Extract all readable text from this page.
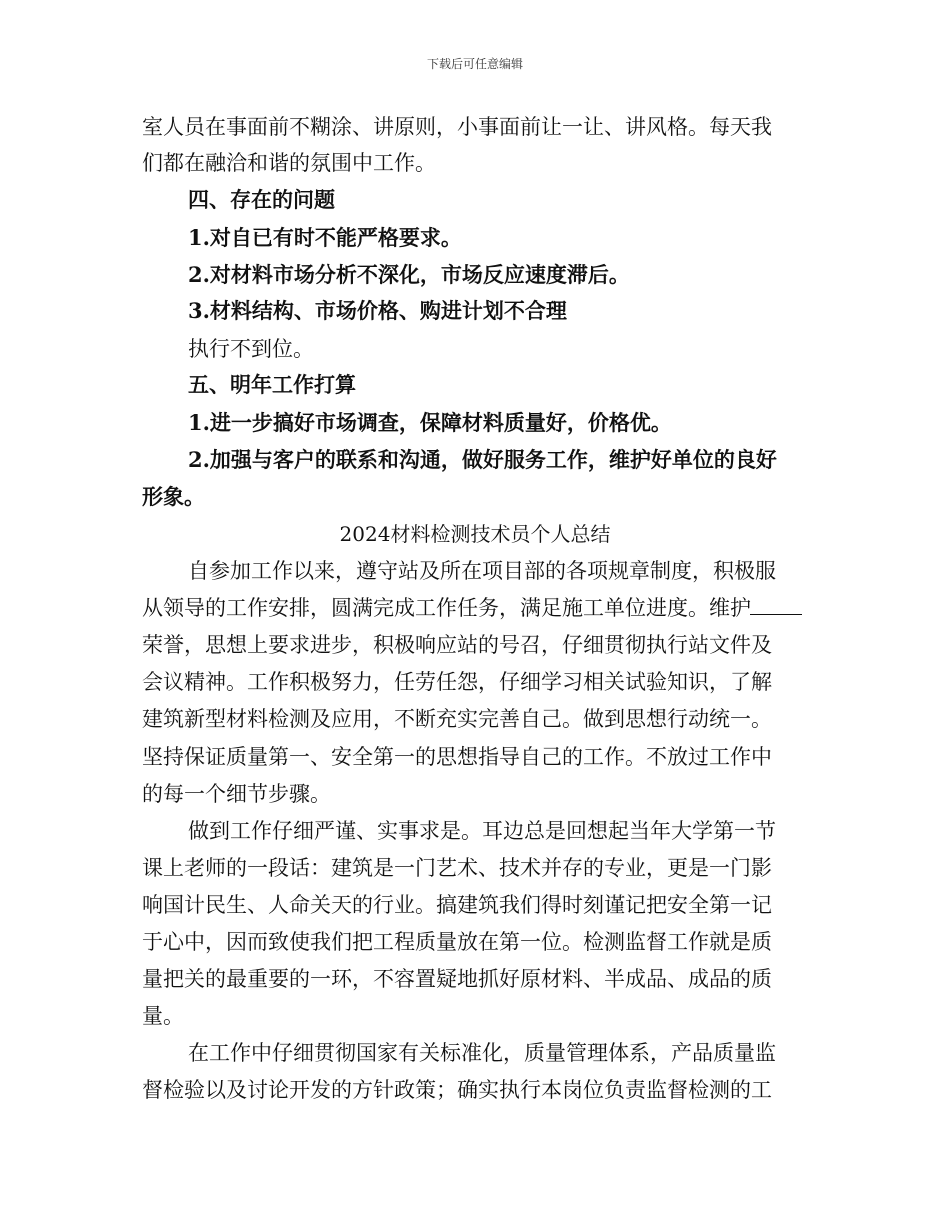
下载后可任意编辑
室人员在事面前不糊涂、讲原则，小事面前让一让、讲风格。每天我
们都在融洽和谐的氛围中工作。
四、存在的问题
1.对自已有时不能严格要求。
2.对材料市场分析不深化，市场反应速度滞后。
3.材料结构、市场价格、购进计划不合理
执行不到位。
五、明年工作打算
1.进一步搞好市场调查，保障材料质量好，价格优。
2.加强与客户的联系和沟通，做好服务工作，维护好单位的良好
形象。
2024材料检测技术员个人总结
自参加工作以来，遵守站及所在项目部的各项规章制度，积极服
从领导的工作安排，圆满完成工作任务，满足施工单位进度。维护
荣誉，思想上要求进步，积极响应站的号召，仔细贯彻执行站文件及
会议精神。工作积极努力，任劳任怨，仔细学习相关试验知识，了解
建筑新型材料检测及应用，不断充实完善自己。做到思想行动统一。
坚持保证质量第一、安全第一的思想指导自己的工作。不放过工作中
的每一个细节步骤。
做到工作仔细严谨、实事求是。耳边总是回想起当年大学第一节
课上老师的一段话：建筑是一门艺术、技术并存的专业，更是一门影
响国计民生、人命关天的行业。搞建筑我们得时刻谨记把安全第一记
于心中，因而致使我们把工程质量放在第一位。检测监督工作就是质
量把关的最重要的一环，不容置疑地抓好原材料、半成品、成品的质
量。
在工作中仔细贯彻国家有关标准化，质量管理体系，产品质量监
督检验以及讨论开发的方针政策；确实执行本岗位负责监督检测的工
